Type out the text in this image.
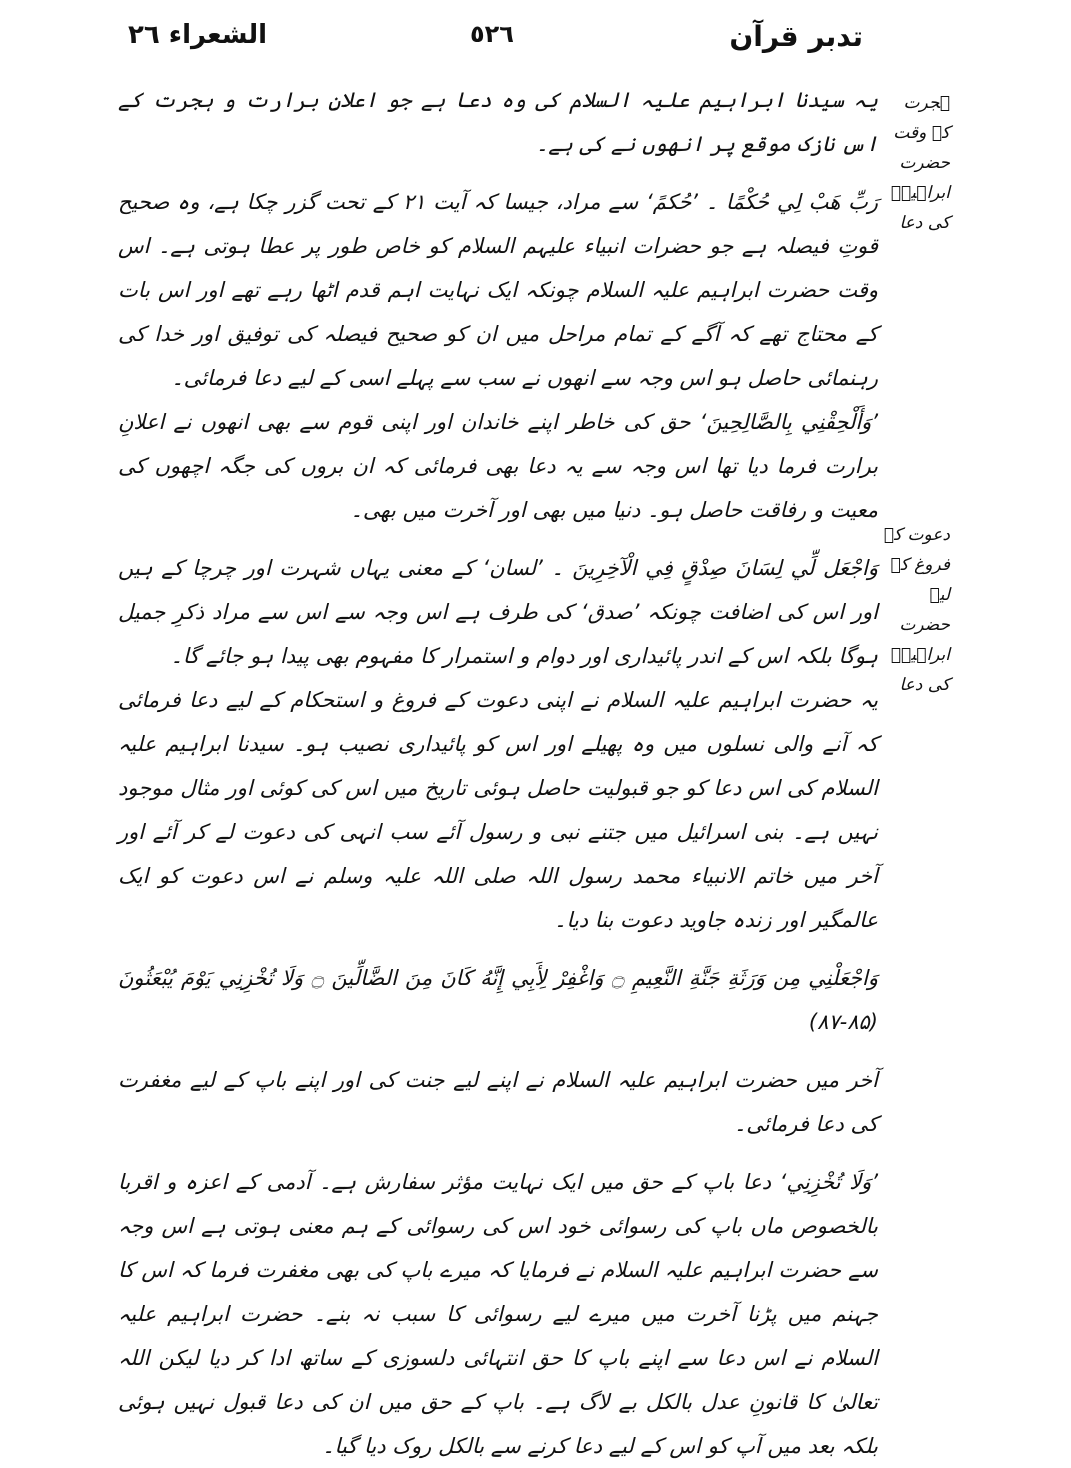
الشعراء ٢٦	٥٢٦	تدبر قرآن
ہجرت کے وقت حضرت ابراہیمؑ کی دعا
دعوت کے فروغ کے لیے حضرت ابراہیمؑ کی دعا

یہ سیدنا ابراہیم علیہ السلام کی وہ دعا ہے جو اعلانِ برارت و ہجرت کے اس نازک موقع پر انھوں نے کی ہے۔

رَبِّ هَبْ لِي حُكْمًا ۔ ’حُکمً‘ سے مراد، جیسا کہ آیت ۲۱ کے تحت گزر چکا ہے، وہ صحیح قوتِ فیصلہ ہے جو حضرات انبیاء علیہم السلام کو خاص طور پر عطا ہوتی ہے۔ اس وقت حضرت ابراہیم علیہ السلام چونکہ ایک نہایت اہم قدم اٹھا رہے تھے اور اس بات کے محتاج تھے کہ آگے کے تمام مراحل میں ان کو صحیح فیصلہ کی توفیق اور خدا کی رہنمائی حاصل ہو اس وجہ سے انھوں نے سب سے پہلے اسی کے لیے دعا فرمائی۔

’وَأَلْحِقْنِي بِالصَّالِحِينَ‘ حق کی خاطر اپنے خاندان اور اپنی قوم سے بھی انھوں نے اعلانِ برارت فرما دیا تھا اس وجہ سے یہ دعا بھی فرمائی کہ ان بروں کی جگہ اچھوں کی معیت و رفاقت حاصل ہو۔ دنیا میں بھی اور آخرت میں بھی۔

وَاجْعَل لِّي لِسَانَ صِدْقٍ فِي الْآخِرِينَ ۔ ’لسان‘ کے معنی یہاں شہرت اور چرچا کے ہیں اور اس کی اضافت چونکہ ’صدق‘ کی طرف ہے اس وجہ سے اس سے مراد ذکرِ جمیل ہوگا بلکہ اس کے اندر پائیداری اور دوام و استمرار کا مفہوم بھی پیدا ہو جائے گا۔

یہ حضرت ابراہیم علیہ السلام نے اپنی دعوت کے فروغ و استحکام کے لیے دعا فرمائی کہ آنے والی نسلوں میں وہ پھیلے اور اس کو پائیداری نصیب ہو۔ سیدنا ابراہیم علیہ السلام کی اس دعا کو جو قبولیت حاصل ہوئی تاریخ میں اس کی کوئی اور مثال موجود نہیں ہے۔ بنی اسرائیل میں جتنے نبی و رسول آئے سب انہی کی دعوت لے کر آئے اور آخر میں خاتم الانبیاء محمد رسول اللہ صلی اللہ علیہ وسلم نے اس دعوت کو ایک عالمگیر اور زندہ جاوید دعوت بنا دیا۔

وَاجْعَلْنِي مِن وَرَثَةِ جَنَّةِ النَّعِيمِ ۝ وَاغْفِرْ لِأَبِي إِنَّهُ كَانَ مِنَ الضَّالِّينَ ۝ وَلَا تُخْزِنِي يَوْمَ يُبْعَثُونَ (۸۵-۸۷)

آخر میں حضرت ابراہیم علیہ السلام نے اپنے لیے جنت کی اور اپنے باپ کے لیے مغفرت کی دعا فرمائی۔

’وَلَا تُخْزِنِي‘ دعا باپ کے حق میں ایک نہایت مؤثر سفارش ہے۔ آدمی کے اعزہ و اقربا بالخصوص ماں باپ کی رسوائی خود اس کی رسوائی کے ہم معنی ہوتی ہے اس وجہ سے حضرت ابراہیم علیہ السلام نے فرمایا کہ میرے باپ کی بھی مغفرت فرما کہ اس کا جہنم میں پڑنا آخرت میں میرے لیے رسوائی کا سبب نہ بنے۔ حضرت ابراہیم علیہ السلام نے اس دعا سے اپنے باپ کا حق انتہائی دلسوزی کے ساتھ ادا کر دیا لیکن اللہ تعالیٰ کا قانونِ عدل بالکل بے لاگ ہے۔ باپ کے حق میں ان کی دعا قبول نہیں ہوئی بلکہ بعد میں آپ کو اس کے لیے دعا کرنے سے بالکل روک دیا گیا۔
